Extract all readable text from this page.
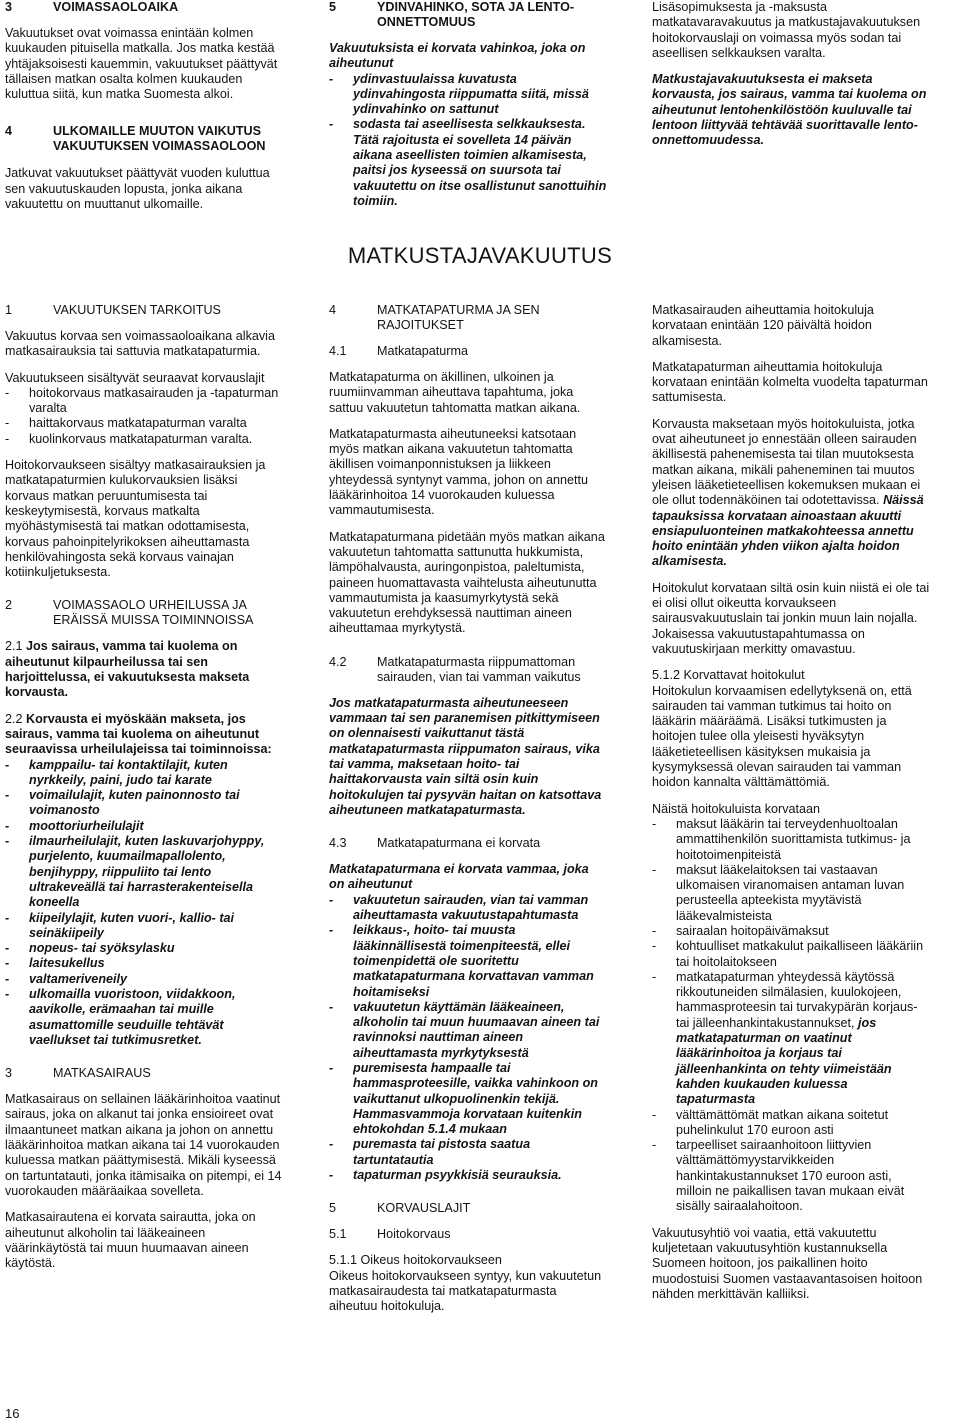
3	VOIMASSAOLOAIKA

Vakuutukset ovat voimassa enintään kolmen kuukauden pituisella matkalla. Jos matka kestää yhtäjaksoisesti kauemmin, vakuutukset päättyvät tällaisen matkan osalta kolmen kuukauden kuluttua siitä, kun matka Suomesta alkoi.

4	ULKOMAILLE MUUTON VAIKUTUS VAKUUTUKSEN VOIMASSAOLOON

Jatkuvat vakuutukset päättyvät vuoden kuluttua sen vakuutuskauden lopusta, jonka aikana vakuutettu on muuttanut ulkomaille.

5	YDINVAHINKO, SOTA JA LENTO-ONNETTOMUUS
Vakuutuksista ei korvata vahinkoa, joka on aiheutunut
-	ydinvastuulaissa kuvatusta ydinvahingosta riippumatta siitä, missä ydinvahinko on sattunut
-	sodasta tai aseellisesta selkkauksesta. Tätä rajoitusta ei sovelleta 14 päivän aikana aseellisten toimien alkamisesta, paitsi jos kyseessä on suursota tai vakuutettu on itse osallistunut sanottuihin toimiin.

Lisäsopimuksesta ja -maksusta matkatavaravakuutus ja matkustajavakuutuksen hoitokorvauslaji on voimassa myös sodan tai aseellisen selkkauksen varalta.

Matkustajavakuutuksesta ei makseta korvausta, jos sairaus, vamma tai kuolema on aiheutunut lentohenkilöstöön kuuluvalle tai lentoon liittyvää tehtävää suorittavalle lento-onnettomuudessa.

MATKUSTAJAVAKUUTUS
1	VAKUUTUKSEN TARKOITUS

Vakuutus korvaa sen voimassaoloaikana alkavia matkasairauksia tai sattuvia matkatapaturmia.

Vakuutukseen sisältyvät seuraavat korvauslajit
-	hoitokorvaus matkasairauden ja -tapaturman varalta
-	haittakorvaus matkatapaturman varalta
-	kuolinkorvaus matkatapaturman varalta.

Hoitokorvaukseen sisältyy matkasairauksien ja matkatapaturmien kulukorvauksien lisäksi korvaus matkan peruuntumisesta tai keskeytymisestä, korvaus matkalta myöhästymisestä tai matkan odottamisesta, korvaus pahoinpitelyrikoksen aiheuttamasta henkilövahingosta sekä korvaus vainajan kotiinkuljetuksesta.

2	VOIMASSAOLO URHEILUSSA JA ERÄISSÄ MUISSA TOIMINNOISSA

2.1 Jos sairaus, vamma tai kuolema on aiheutunut kilpaurheilussa tai sen harjoittelussa, ei vakuutuksesta makseta korvausta.

2.2 Korvausta ei myöskään makseta, jos sairaus, vamma tai kuolema on aiheutunut seuraavissa urheilulajeissa tai toiminnoissa:

-	kamppailu- tai kontaktilajit, kuten nyrkkeily, paini, judo tai karate
-	voimailulajit, kuten painonnosto tai voimanosto
-	moottoriurheilulajit
-	ilmaurheilulajit, kuten laskuvarjohyppy, purjelento, kuumailmapallolento, benjihyppy, riippuliito tai lento ultrakeveällä tai harrasterakenteisella koneella
-	kiipeilylajit, kuten vuori-, kallio- tai seinäkiipeily
-	nopeus- tai syöksylasku
-	laitesukellus
-	valtameriveneily
-	ulkomailla vuoristoon, viidakkoon, aavikolle, erämaahan tai muille asumattomille seuduille tehtävät vaellukset tai tutkimusretket.
3	MATKASAIRAUS

Matkasairaus on sellainen lääkärinhoitoa vaatinut sairaus, joka on alkanut tai jonka ensioireet ovat ilmaantuneet matkan aikana ja johon on annettu lääkärinhoitoa matkan aikana tai 14 vuorokauden kuluessa matkan päättymisestä. Mikäli kyseessä on tartuntatauti, jonka itämisaika on pitempi, ei 14 vuorokauden määräaikaa sovelleta.

Matkasairautena ei korvata sairautta, joka on aiheutunut alkoholin tai lääkeaineen väärinkäytöstä tai muun huumaavan aineen käytöstä.

4	MATKATAPATURMA JA SEN RAJOITUKSET
4.1	Matkatapaturma

Matkatapaturma on äkillinen, ulkoinen ja ruumiinvamman aiheuttava tapahtuma, joka sattuu vakuutetun tahtomatta matkan aikana.

Matkatapaturmasta aiheutuneeksi katsotaan myös matkan aikana vakuutetun tahtomatta äkillisen voimanponnistuksen ja liikkeen yhteydessä syntynyt vamma, johon on annettu lääkärinhoitoa 14 vuorokauden kuluessa vammautumisesta.

Matkatapaturmana pidetään myös matkan aikana vakuutetun tahtomatta sattunutta hukkumista, lämpöhalvausta, auringonpistoa, paleltumista, paineen huomattavasta vaihtelusta aiheutunutta vammautumista ja kaasumyrkytystä sekä vakuutetun erehdyksessä nauttiman aineen aiheuttamaa myrkytystä.

4.2	Matkatapaturmasta riippumattoman sairauden, vian tai vamman vaikutus

Jos matkatapaturmasta aiheutuneeseen vammaan tai sen paranemisen pitkittymiseen on olennaisesti vaikuttanut tästä matkatapaturmasta riippumaton sairaus, vika tai vamma, maksetaan hoito- tai haittakorvausta vain siltä osin kuin hoitokulujen tai pysyvän haitan on katsottava aiheutuneen matkatapaturmasta.

4.3	Matkatapaturmana ei korvata
Matkatapaturmana ei korvata vammaa, joka on aiheutunut
-	vakuutetun sairauden, vian tai vamman aiheuttamasta vakuutustapahtumasta
-	leikkaus-, hoito- tai muusta lääkinnällisestä toimenpiteestä, ellei toimenpidettä ole suoritettu matkatapaturmana korvattavan vamman hoitamiseksi
-	vakuutetun käyttämän lääkeaineen, alkoholin tai muun huumaavan aineen tai ravinnoksi nauttiman aineen aiheuttamasta myrkytyksestä
-	puremisesta hampaalle tai hammasproteesille, vaikka vahinkoon on vaikuttanut ulkopuolinenkin tekijä. Hammasvammoja korvataan kuitenkin ehtokohdan 5.1.4 mukaan
-	puremasta tai pistosta saatua tartuntatautia
-	tapaturman psyykkisiä seurauksia.
5	KORVAUSLAJIT
5.1	Hoitokorvaus
5.1.1 Oikeus hoitokorvaukseen

Oikeus hoitokorvaukseen syntyy, kun vakuutetun matkasairaudesta tai matkatapaturmasta aiheutuu hoitokuluja.

Matkasairauden aiheuttamia hoitokuluja korvataan enintään 120 päivältä hoidon alkamisesta.

Matkatapaturman aiheuttamia hoitokuluja korvataan enintään kolmelta vuodelta tapaturman sattumisesta.

Korvausta maksetaan myös hoitokuluista, jotka ovat aiheutuneet jo ennestään olleen sairauden äkillisestä pahenemisesta tai tilan muutoksesta matkan aikana, mikäli paheneminen tai muutos yleisen lääketieteellisen kokemuksen mukaan ei ole ollut todennäköinen tai odotettavissa. Näissä tapauksissa korvataan ainoastaan akuutti ensiapuluonteinen matkakohteessa annettu hoito enintään yhden viikon ajalta hoidon alkamisesta.

Hoitokulut korvataan siltä osin kuin niistä ei ole tai ei olisi ollut oikeutta korvaukseen sairausvakuutuslain tai jonkin muun lain nojalla. Jokaisessa vakuutustapahtumassa on vakuutuskirjaan merkitty omavastuu.

5.1.2 Korvattavat hoitokulut

Hoitokulun korvaamisen edellytyksenä on, että sairauden tai vamman tutkimus tai hoito on lääkärin määräämä. Lisäksi tutkimusten ja hoitojen tulee olla yleisesti hyväksytyn lääketieteellisen käsityksen mukaisia ja kysymyksessä olevan sairauden tai vamman hoidon kannalta välttämättömiä.

Näistä hoitokuluista korvataan
-	maksut lääkärin tai terveydenhuoltoalan ammattihenkilön suorittamista tutkimus- ja hoitotoimenpiteistä
-	maksut lääkelaitoksen tai vastaavan ulkomaisen viranomaisen antaman luvan perusteella apteekista myytävistä lääkevalmisteista
-	sairaalan hoitopäivämaksut
-	kohtuulliset matkakulut paikalliseen lääkäriin tai hoitolaitokseen
-	matkatapaturman yhteydessä käytössä rikkoutuneiden silmälasien, kuulokojeen, hammasproteesin tai turvakypärän korjaus- tai jälleenhankintakustannukset, jos matkatapaturman on vaatinut lääkärinhoitoa ja korjaus tai jälleenhankinta on tehty viimeistään kahden kuukauden kuluessa tapaturmasta
-	välttämättömät matkan aikana soitetut puhelinkulut 170 euroon asti
-	tarpeelliset sairaanhoitoon liittyvien välttämättömyystarvikkeiden hankintakustannukset 170 euroon asti, milloin ne paikallisen tavan mukaan eivät sisälly sairaalahoitoon.

Vakuutusyhtiö voi vaatia, että vakuutettu kuljetetaan vakuutusyhtiön kustannuksella Suomeen hoitoon, jos paikallinen hoito muodostuisi Suomen vastaavantasoisen hoitoon nähden merkittävän kalliiksi.

16
